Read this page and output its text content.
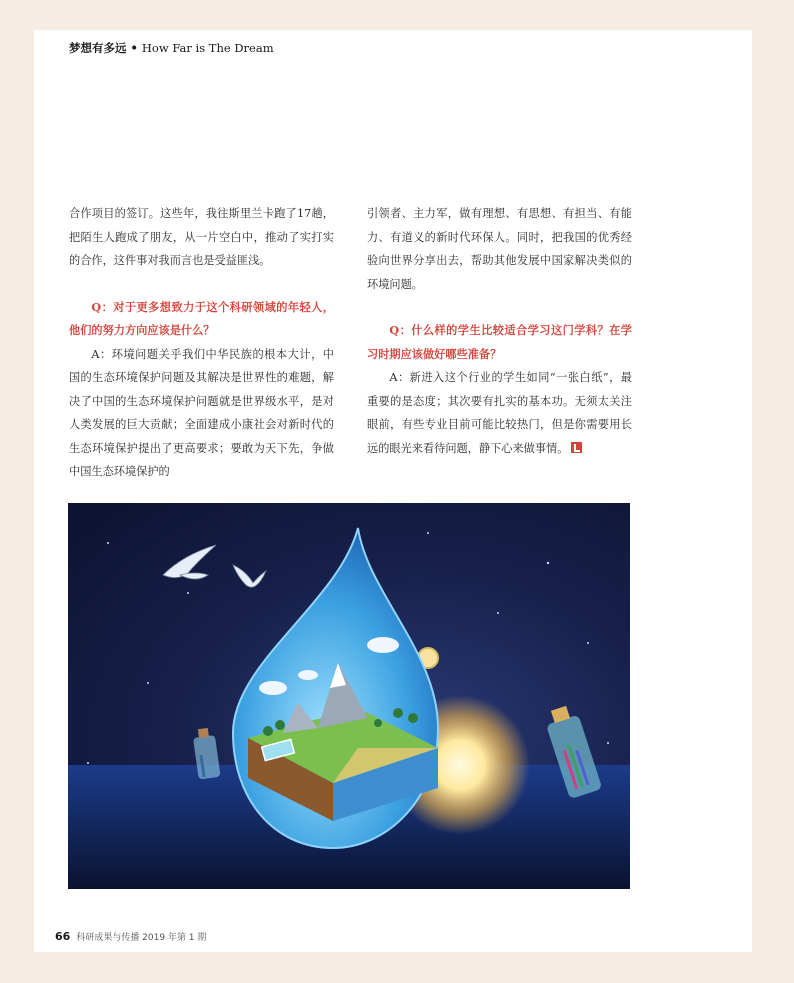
梦想有多远 • How Far is The Dream

合作项目的签订。这些年，我往斯里兰卡跑了17趟，把陌生人跑成了朋友，从一片空白中，推动了实打实的合作，这件事对我而言也是受益匪浅。

Q：对于更多想致力于这个科研领域的年轻人，他们的努力方向应该是什么？

A：环境问题关乎我们中华民族的根本大计，中国的生态环境保护问题及其解决是世界性的难题，解决了中国的生态环境保护问题就是世界级水平，是对人类发展的巨大贡献；全面建成小康社会对新时代的生态环境保护提出了更高要求；要敢为天下先，争做中国生态环境保护的

引领者、主力军，做有理想、有思想、有担当、有能力、有道义的新时代环保人。同时，把我国的优秀经验向世界分享出去，帮助其他发展中国家解决类似的环境问题。

Q：什么样的学生比较适合学习这门学科？在学习时期应该做好哪些准备？

A：新进入这个行业的学生如同“一张白纸”，最重要的是态度；其次要有扎实的基本功。无须太关注眼前，有些专业目前可能比较热门，但是你需要用长远的眼光来看待问题，静下心来做事情。

66 科研成果与传播 2019 年第 1 期
